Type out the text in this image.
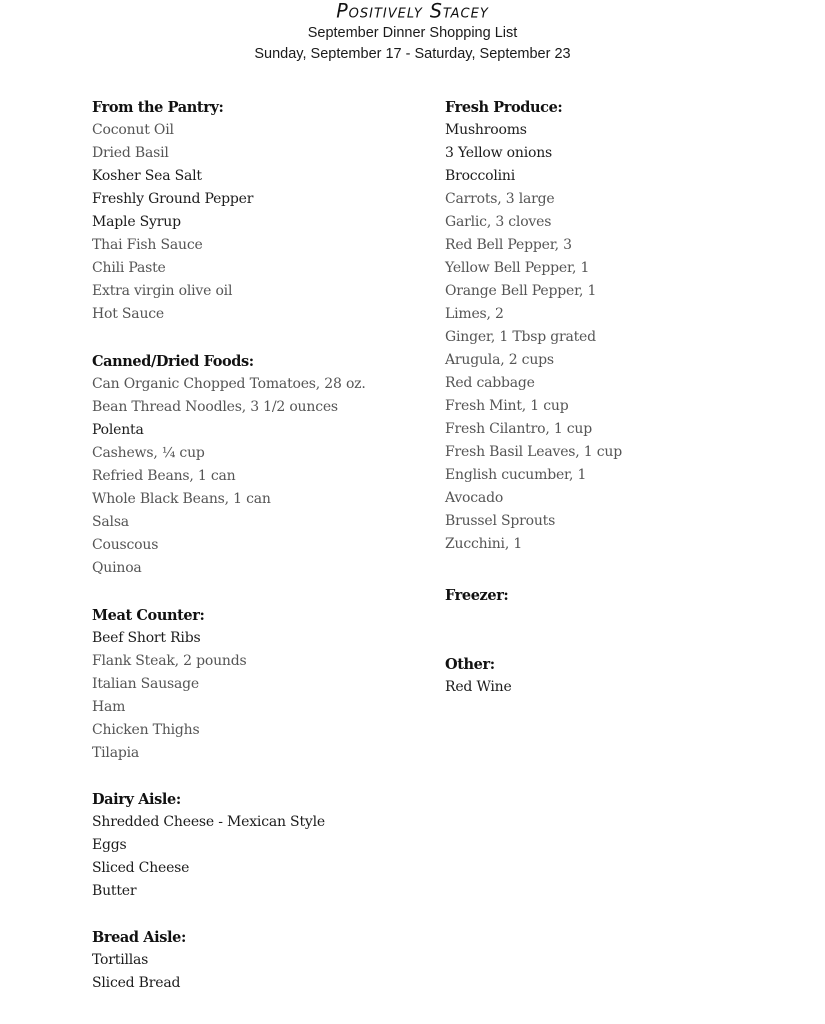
Positively Stacey
September Dinner Shopping List
Sunday, September 17 - Saturday, September 23
From the Pantry:
Coconut Oil
Dried Basil
Kosher Sea Salt
Freshly Ground Pepper
Maple Syrup
Thai Fish Sauce
Chili Paste
Extra virgin olive oil
Hot Sauce
Canned/Dried Foods:
Can Organic Chopped Tomatoes, 28 oz.
Bean Thread Noodles, 3 1/2 ounces
Polenta
Cashews, ¼ cup
Refried Beans, 1 can
Whole Black Beans, 1 can
Salsa
Couscous
Quinoa
Meat Counter:
Beef Short Ribs
Flank Steak, 2 pounds
Italian Sausage
Ham
Chicken Thighs
Tilapia
Dairy Aisle:
Shredded Cheese - Mexican Style
Eggs
Sliced Cheese
Butter
Bread Aisle:
Tortillas
Sliced Bread
Fresh Produce:
Mushrooms
3 Yellow onions
Broccolini
Carrots, 3 large
Garlic, 3 cloves
Red Bell Pepper, 3
Yellow Bell Pepper, 1
Orange Bell Pepper, 1
Limes, 2
Ginger, 1 Tbsp grated
Arugula, 2 cups
Red cabbage
Fresh Mint, 1 cup
Fresh Cilantro, 1 cup
Fresh Basil Leaves, 1 cup
English cucumber, 1
Avocado
Brussel Sprouts
Zucchini, 1
Freezer:
Other:
Red Wine
